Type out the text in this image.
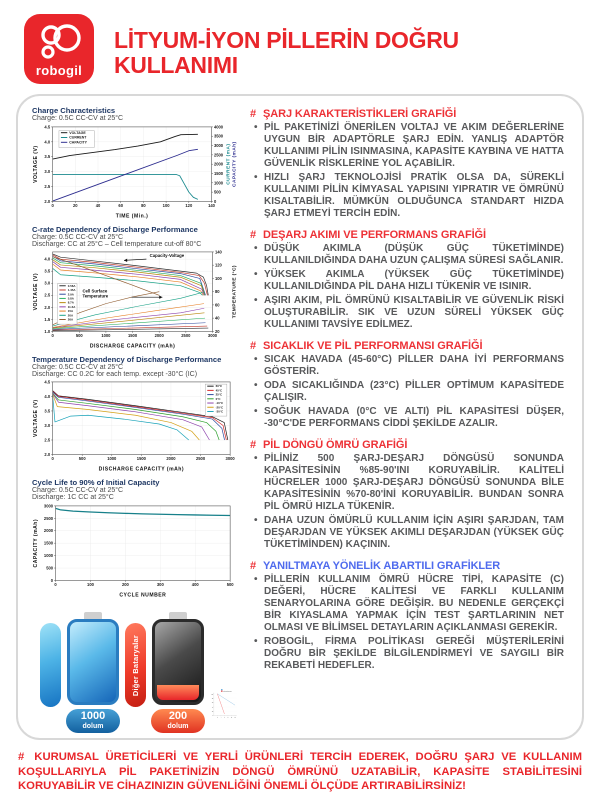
robogil
LİTYUM-İYON PİLLERİN DOĞRU KULLANIMI
Charge Characteristics
Charge: 0.5C CC-CV at 25°C
0	20	40	60	80	100	120	140
2.0
2.5
3.0
3.5
4.0
4.5
0
500
1000
1500
2000
2500
3000
3500
4000
TIME (Min.)
VOLTAGE (V)	CAPACITY (mAh)
CURRENT (mA)
VOLTAGE
CURRENT
CAPACITY
C-rate Dependency of Discharge Performance
Charge: 0.5C CC-CV at 25°C
Discharge: CC at 25°C – Cell temperature cut-off 80°C
0	500	1000	1500	2000	2500	3000
1.0
1.5
2.0
2.5
3.0
3.5
4.0
20
40
60
80
100
120
140
DISCHARGE CAPACITY (mAh)
VOLTAGE (V)	TEMPERATURE (°C)
0.58A
1.45A
2.9A
5.8A
8.7A
11.6A
15A
20A
26A
Capacity-Voltage
Cell Surface
Temperature
Temperature Dependency of Discharge Performance
Charge: 0.5C CC-CV at 25°C
Discharge: CC 0.2C for each temp. except -30°C (IC)
0	500	1000	1500	2000	2500	3000
2.0
2.5
3.0
3.5
4.0
4.5
DISCHARGE CAPACITY (mAh)
VOLTAGE (V)
60°C
45°C
25°C
0°C
-10°C
-20°C
-30°C
Cycle Life to 90% of Initial Capacity
Charge: 0.5C CC-CV at 25°C
Discharge: 1C CC at 25°C
0	100	200	300	400	500
0
500
1000
1500
2000
2500
3000
CYCLE NUMBER
CAPACITY (mAh)
1000
dolum
Diğer Bataryalar
200
dolum
2 4 6 8 10 12
0
20
40
60
80
100
Diğer Bataryalar
# ŞARJ KARAKTERİSTİKLERİ GRAFİĞİ
• PİL PAKETİNİZİ ÖNERİLEN VOLTAJ VE AKIM DEĞERLERİNE UYGUN BİR ADAPTÖRLE ŞARJ EDİN. YANLIŞ ADAPTÖR KULLANIMI PİLİN ISINMASINA, KAPASİTE KAYBINA VE HATTA GÜVENLİK RİSKLERİNE YOL AÇABİLİR.
• HIZLI ŞARJ TEKNOLOJİSİ PRATİK OLSA DA, SÜREKLİ KULLANIMI PİLİN KİMYASAL YAPISINI YIPRATIR VE ÖMRÜNÜ KISALTABİLİR. MÜMKÜN OLDUĞUNCA STANDART HIZDA ŞARJ ETMEYİ TERCİH EDİN.
# DEŞARJ AKIMI VE PERFORMANS GRAFİĞİ
• DÜŞÜK AKIMLA (DÜŞÜK GÜÇ TÜKETİMİNDE) KULLANILDIĞINDA DAHA UZUN ÇALIŞMA SÜRESİ SAĞLANIR.
• YÜKSEK AKIMLA (YÜKSEK GÜÇ TÜKETİMİNDE) KULLANILDIĞINDA PİL DAHA HIZLI TÜKENİR VE ISINIR.
• AŞIRI AKIM, PİL ÖMRÜNÜ KISALTABİLİR VE GÜVENLİK RİSKİ OLUŞTURABİLİR. SIK VE UZUN SÜRELİ YÜKSEK GÜÇ KULLANIMI TAVSİYE EDİLMEZ.
# SICAKLIK VE PİL PERFORMANSI GRAFİĞİ
• SICAK HAVADA (45-60°C) PİLLER DAHA İYİ PERFORMANS GÖSTERİR.
• ODA SICAKLIĞINDA (23°C) PİLLER OPTİMUM KAPASİTEDE ÇALIŞIR.
• SOĞUK HAVADA (0°C VE ALTI) PİL KAPASİTESİ DÜŞER, -30°C'DE PERFORMANS CİDDİ ŞEKİLDE AZALIR.
# PİL DÖNGÜ ÖMRÜ GRAFİĞİ
• PİLİNİZ 500 ŞARJ-DEŞARJ DÖNGÜSÜ SONUNDA KAPASİTESİNİN %85-90'INI KORUYABİLİR. KALİTELİ HÜCRELER 1000 ŞARJ-DEŞARJ DÖNGÜSÜ SONUNDA BİLE KAPASİTESİNİN %70-80'İNİ KORUYABİLİR. BUNDAN SONRA PİL ÖMRÜ HIZLA TÜKENİR.
• DAHA UZUN ÖMÜRLÜ KULLANIM İÇİN AŞIRI ŞARJDAN, TAM DEŞARJDAN VE YÜKSEK AKIMLI DEŞARJDAN (YÜKSEK GÜÇ TÜKETİMİNDEN) KAÇININ.
# YANILTMAYA YÖNELİK ABARTILI GRAFİKLER
• PİLLERİN KULLANIM ÖMRÜ HÜCRE TİPİ, KAPASİTE (C) DEĞERİ, HÜCRE KALİTESİ VE FARKLI KULLANIM SENARYOLARINA GÖRE DEĞİŞİR. BU NEDENLE GERÇEKÇİ BİR KIYASLAMA YAPMAK İÇİN TEST ŞARTLARININ NET OLMASI VE BİLİMSEL DETAYLARIN AÇIKLANMASI GEREKİR.
• ROBOGİL, FİRMA POLİTİKASI GEREĞİ MÜŞTERİLERİNİ DOĞRU BİR ŞEKİLDE BİLGİLENDİRMEYİ VE SAYGILI BİR REKABETİ HEDEFLER.
# KURUMSAL ÜRETİCİLERİ VE YERLİ ÜRÜNLERİ TERCİH EDEREK, DOĞRU ŞARJ VE KULLANIM KOŞULLARIYLA PİL PAKETİNİZİN DÖNGÜ ÖMRÜNÜ UZATABİLİR, KAPASİTE STABİLİTESİNİ KORUYABİLİR VE CİHAZINIZIN GÜVENLİĞİNİ ÖNEMLİ ÖLÇÜDE ARTIRABİLİRSİNİZ!
